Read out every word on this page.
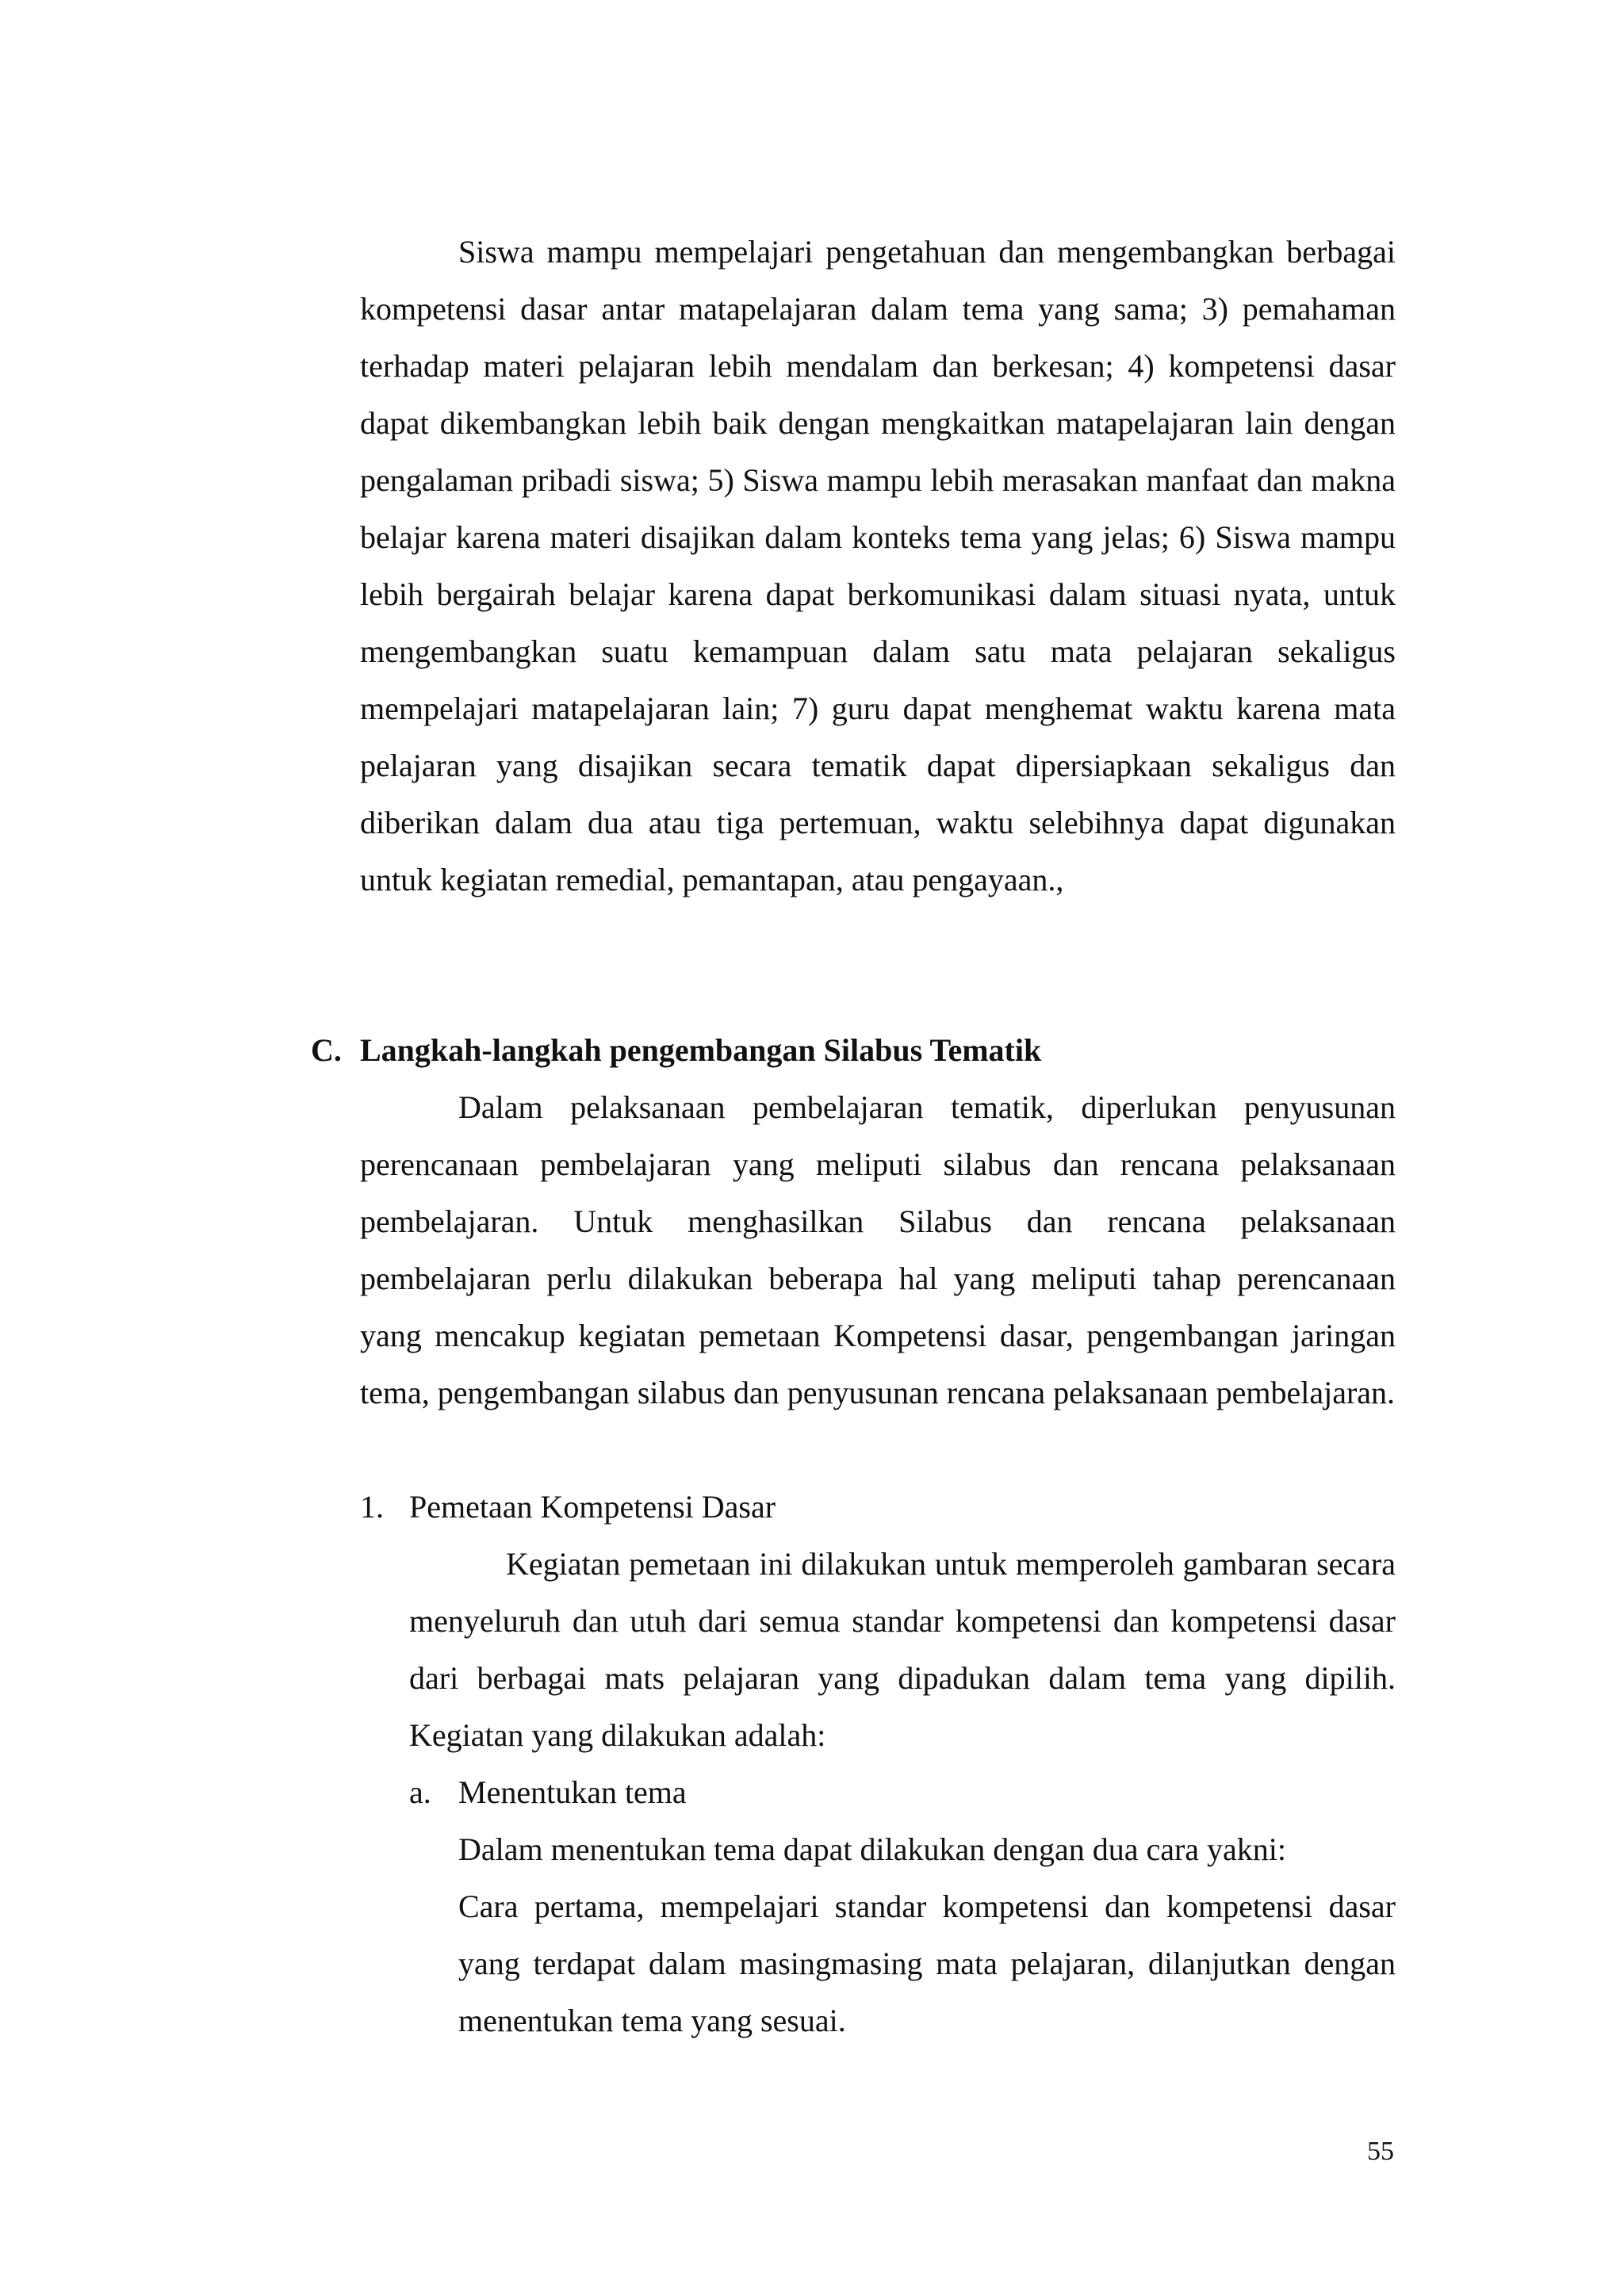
Siswa mampu mempelajari pengetahuan dan mengembangkan berbagai kompetensi dasar antar matapelajaran dalam tema yang sama; 3) pemahaman terhadap materi pelajaran lebih mendalam dan berkesan; 4) kompetensi dasar dapat dikembangkan lebih baik dengan mengkaitkan matapelajaran lain dengan pengalaman pribadi siswa; 5) Siswa mampu lebih merasakan manfaat dan makna belajar karena materi disajikan dalam konteks tema yang jelas; 6) Siswa mampu lebih bergairah belajar karena dapat berkomunikasi dalam situasi nyata, untuk mengembangkan suatu kemampuan dalam satu mata pelajaran sekaligus mempelajari matapelajaran lain; 7) guru dapat menghemat waktu karena mata pelajaran yang disajikan secara tematik dapat dipersiapkaan sekaligus dan diberikan dalam dua atau tiga pertemuan, waktu selebihnya dapat digunakan untuk kegiatan remedial, pemantapan, atau pengayaan.,

C. Langkah-langkah pengembangan Silabus Tematik

Dalam pelaksanaan pembelajaran tematik, diperlukan penyusunan perencanaan pembelajaran yang meliputi silabus dan rencana pelaksanaan pembelajaran. Untuk menghasilkan Silabus dan rencana pelaksanaan pembelajaran perlu dilakukan beberapa hal yang meliputi tahap perencanaan yang mencakup kegiatan pemetaan Kompetensi dasar, pengembangan jaringan tema, pengembangan silabus dan penyusunan rencana pelaksanaan pembelajaran.

1. Pemetaan Kompetensi Dasar

Kegiatan pemetaan ini dilakukan untuk memperoleh gambaran secara menyeluruh dan utuh dari semua standar kompetensi dan kompetensi dasar dari berbagai mats pelajaran yang dipadukan dalam tema yang dipilih. Kegiatan yang dilakukan adalah:

a. Menentukan tema
Dalam menentukan tema dapat dilakukan dengan dua cara yakni:

Cara pertama, mempelajari standar kompetensi dan kompetensi dasar yang terdapat dalam masingmasing mata pelajaran, dilanjutkan dengan menentukan tema yang sesuai.

55
